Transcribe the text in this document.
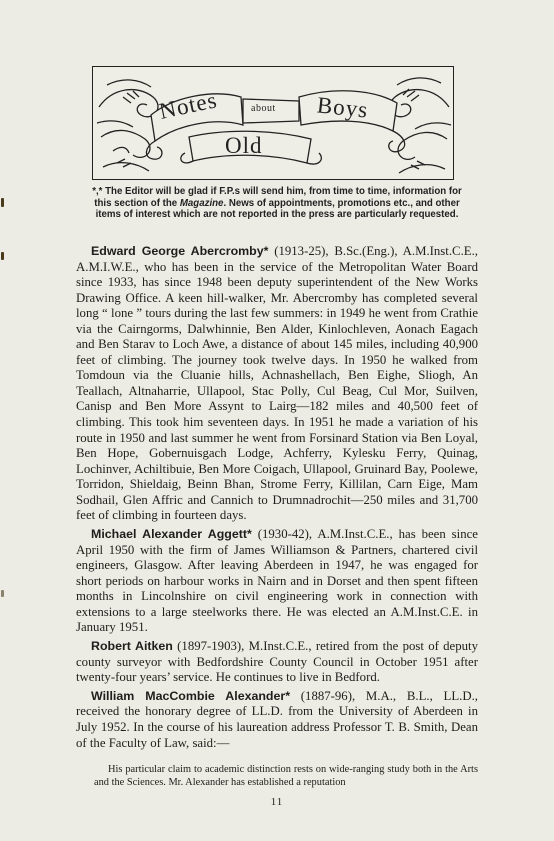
Notes	about Boys
Old
*,* The Editor will be glad if F.P.s will send him, from time to time, information for this section of the Magazine. News of appointments, promotions etc., and other items of interest which are not reported in the press are particularly requested.

Edward George Abercromby* (1913-25), B.Sc.(Eng.), A.M.Inst.C.E., A.M.I.W.E., who has been in the service of the Metropolitan Water Board since 1933, has since 1948 been deputy superintendent of the New Works Drawing Office. A keen hill-walker, Mr. Abercromby has completed several long “ lone ” tours during the last few summers: in 1949 he went from Crathie via the Cairngorms, Dalwhinnie, Ben Alder, Kinlochleven, Aonach Eagach and Ben Starav to Loch Awe, a distance of about 145 miles, including 40,900 feet of climbing. The journey took twelve days. In 1950 he walked from Tomdoun via the Cluanie hills, Achnashellach, Ben Eighe, Sliogh, An Teallach, Altnaharrie, Ullapool, Stac Polly, Cul Beag, Cul Mor, Suilven, Canisp and Ben More Assynt to Lairg—182 miles and 40,500 feet of climbing. This took him seventeen days. In 1951 he made a variation of his route in 1950 and last summer he went from Forsinard Station via Ben Loyal, Ben Hope, Gobernuisgach Lodge, Achferry, Kylesku Ferry, Quinag, Lochinver, Achiltibuie, Ben More Coigach, Ullapool, Gruinard Bay, Poolewe, Torridon, Shieldaig, Beinn Bhan, Strome Ferry, Killilan, Carn Eige, Mam Sodhail, Glen Affric and Cannich to Drumnadrochit—250 miles and 31,700 feet of climbing in fourteen days.

Michael Alexander Aggett* (1930-42), A.M.Inst.C.E., has been since April 1950 with the firm of James Williamson & Partners, chartered civil engineers, Glasgow. After leaving Aberdeen in 1947, he was engaged for short periods on harbour works in Nairn and in Dorset and then spent fifteen months in Lincolnshire on civil engineering work in connection with extensions to a large steelworks there. He was elected an A.M.Inst.C.E. in January 1951.

Robert Aitken (1897-1903), M.Inst.C.E., retired from the post of deputy county surveyor with Bedfordshire County Council in October 1951 after twenty-four years’ service. He continues to live in Bedford.

William MacCombie Alexander* (1887-96), M.A., B.L., LL.D., received the honorary degree of LL.D. from the University of Aberdeen in July 1952. In the course of his laureation address Professor T. B. Smith, Dean of the Faculty of Law, said:—

His particular claim to academic distinction rests on wide-ranging study both in the Arts and the Sciences. Mr. Alexander has established a reputation

11
